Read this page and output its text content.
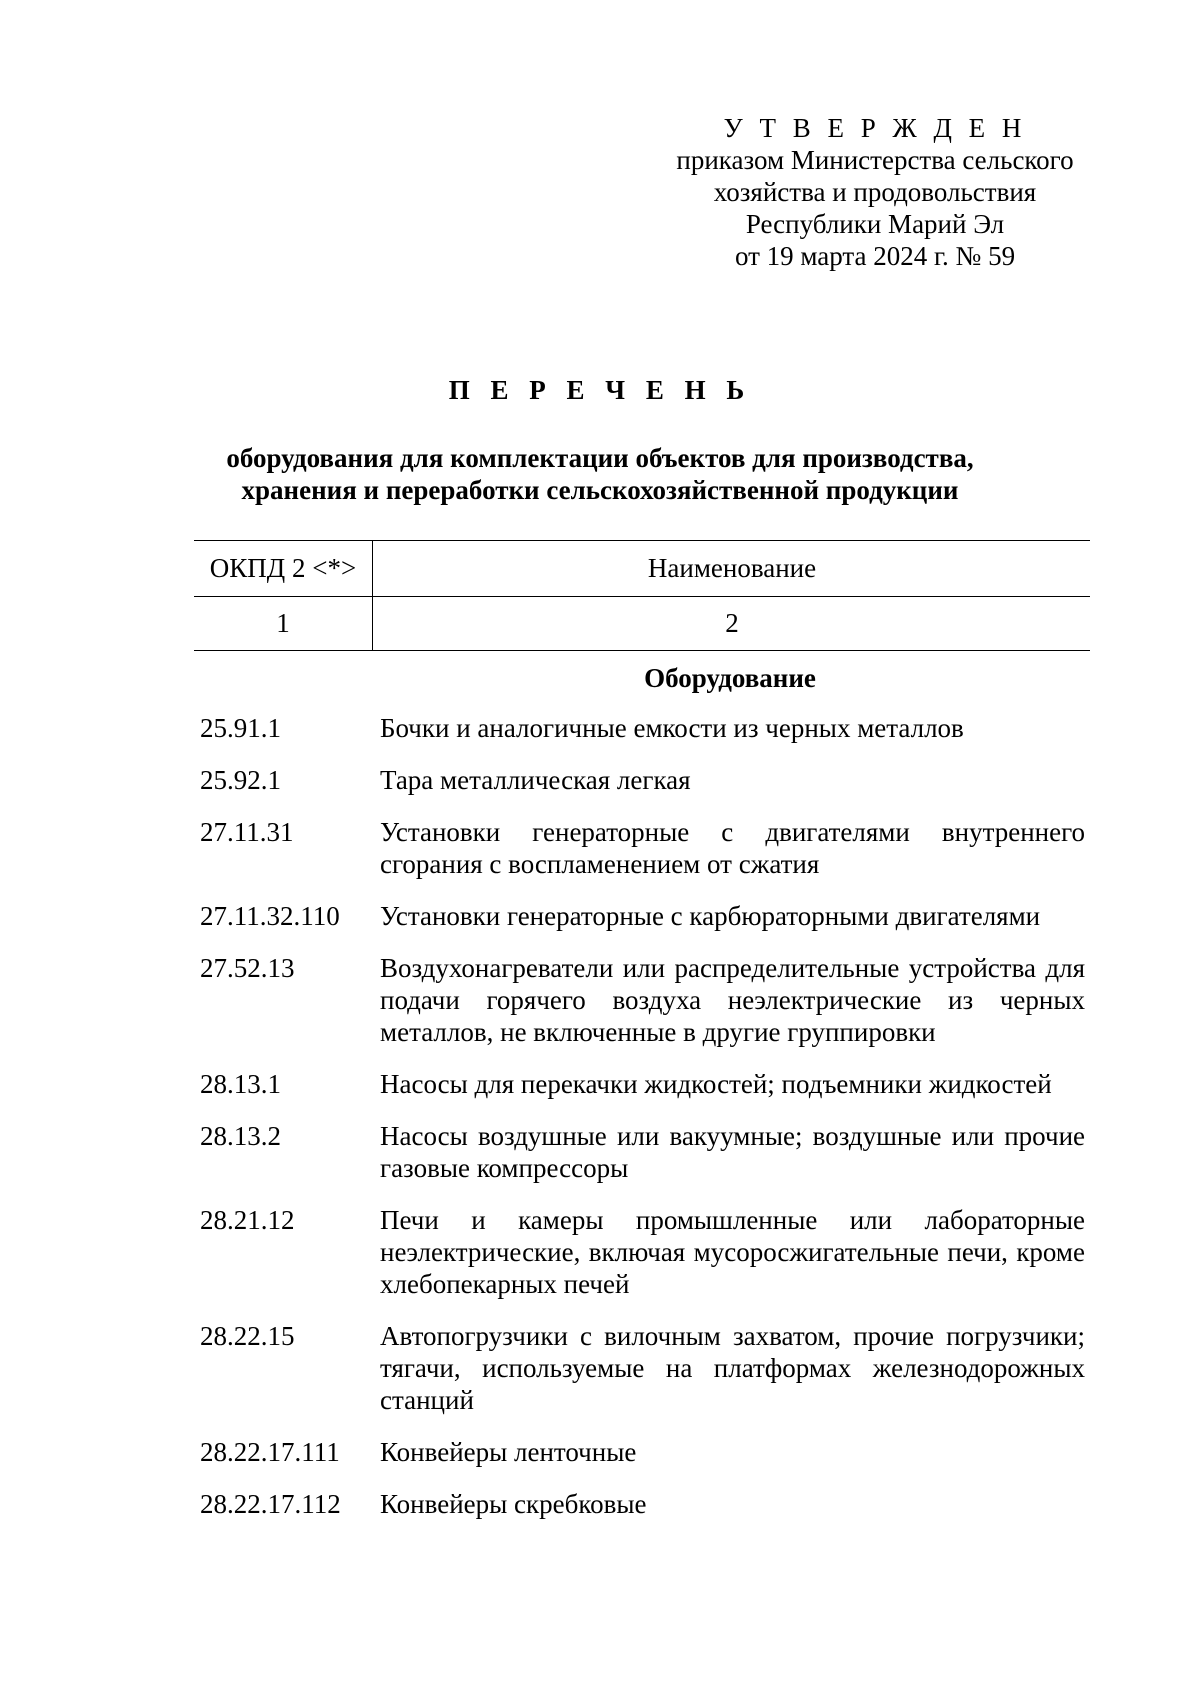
У Т В Е Р Ж Д Е Н
приказом Министерства сельского
хозяйства и продовольствия
Республики Марий Эл
от 19 марта 2024 г. № 59
П Е Р Е Ч Е Н Ь
оборудования для комплектации объектов для производства,
хранения и переработки сельскохозяйственной продукции
ОКПД 2 <*>	Наименование
1	2
Оборудование
25.91.1	Бочки и аналогичные емкости из черных металлов
25.92.1	Тара металлическая легкая
27.11.31	Установки генераторные с двигателями внутреннего сгорания с воспламенением от сжатия
27.11.32.110	Установки генераторные с карбюраторными двигателями
27.52.13	Воздухонагреватели или распределительные устройства для подачи горячего воздуха неэлектрические из черных металлов, не включенные в другие группировки
28.13.1	Насосы для перекачки жидкостей; подъемники жидкостей
28.13.2	Насосы воздушные или вакуумные; воздушные или прочие газовые компрессоры
28.21.12	Печи и камеры промышленные или лабораторные неэлектрические, включая мусоросжигательные печи, кроме хлебопекарных печей
28.22.15	Автопогрузчики с вилочным захватом, прочие погрузчики; тягачи, используемые на платформах железнодорожных станций
28.22.17.111	Конвейеры ленточные
28.22.17.112	Конвейеры скребковые
